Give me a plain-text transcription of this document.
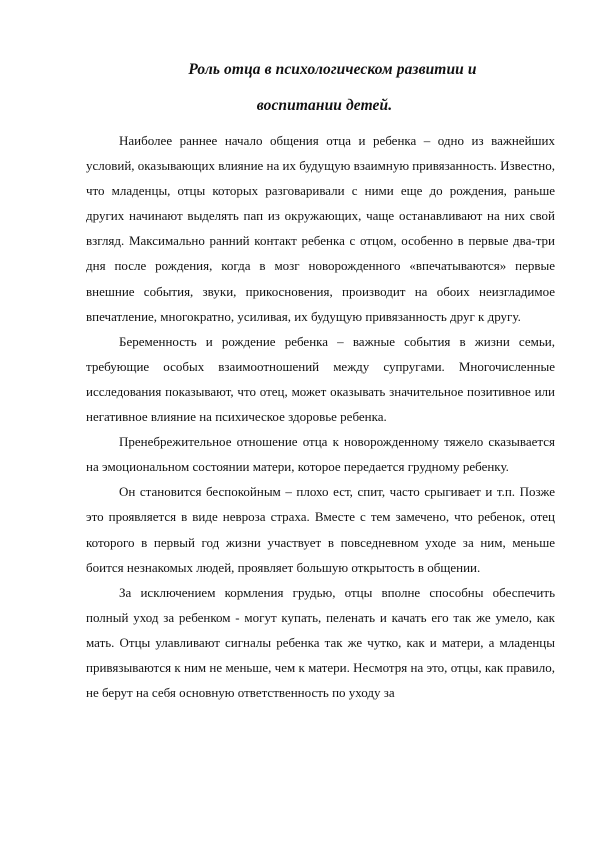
Роль отца в психологическом развитии и
воспитании детей.

Наиболее раннее начало общения отца и ребенка – одно из важнейших условий, оказывающих влияние на их будущую взаимную привязанность. Известно, что младенцы, отцы которых разговаривали с ними еще до рождения, раньше других начинают выделять пап из окружающих, чаще останавливают на них свой взгляд. Максимально ранний контакт ребенка с отцом, особенно в первые два-три дня после рождения, когда в мозг новорожденного «впечатываются» первые внешние события, звуки, прикосновения, производит на обоих неизгладимое впечатление, многократно, усиливая, их будущую привязанность друг к другу.

Беременность и рождение ребенка – важные события в жизни семьи, требующие особых взаимоотношений между супругами. Многочисленные исследования показывают, что отец, может оказывать значительное позитивное или негативное влияние на психическое здоровье ребенка.

Пренебрежительное отношение отца к новорожденному тяжело сказывается на эмоциональном состоянии матери, которое передается грудному ребенку.

Он становится беспокойным – плохо ест, спит, часто срыгивает и т.п. Позже это проявляется в виде невроза страха. Вместе с тем замечено, что ребенок, отец которого в первый год жизни участвует в повседневном уходе за ним, меньше боится незнакомых людей, проявляет большую открытость в общении.

За исключением кормления грудью, отцы вполне способны обеспечить полный уход за ребенком - могут купать, пеленать и качать его так же умело, как мать. Отцы улавливают сигналы ребенка так же чутко, как и матери, а младенцы привязываются к ним не меньше, чем к матери. Несмотря на это, отцы, как правило, не берут на себя основную ответственность по уходу за
